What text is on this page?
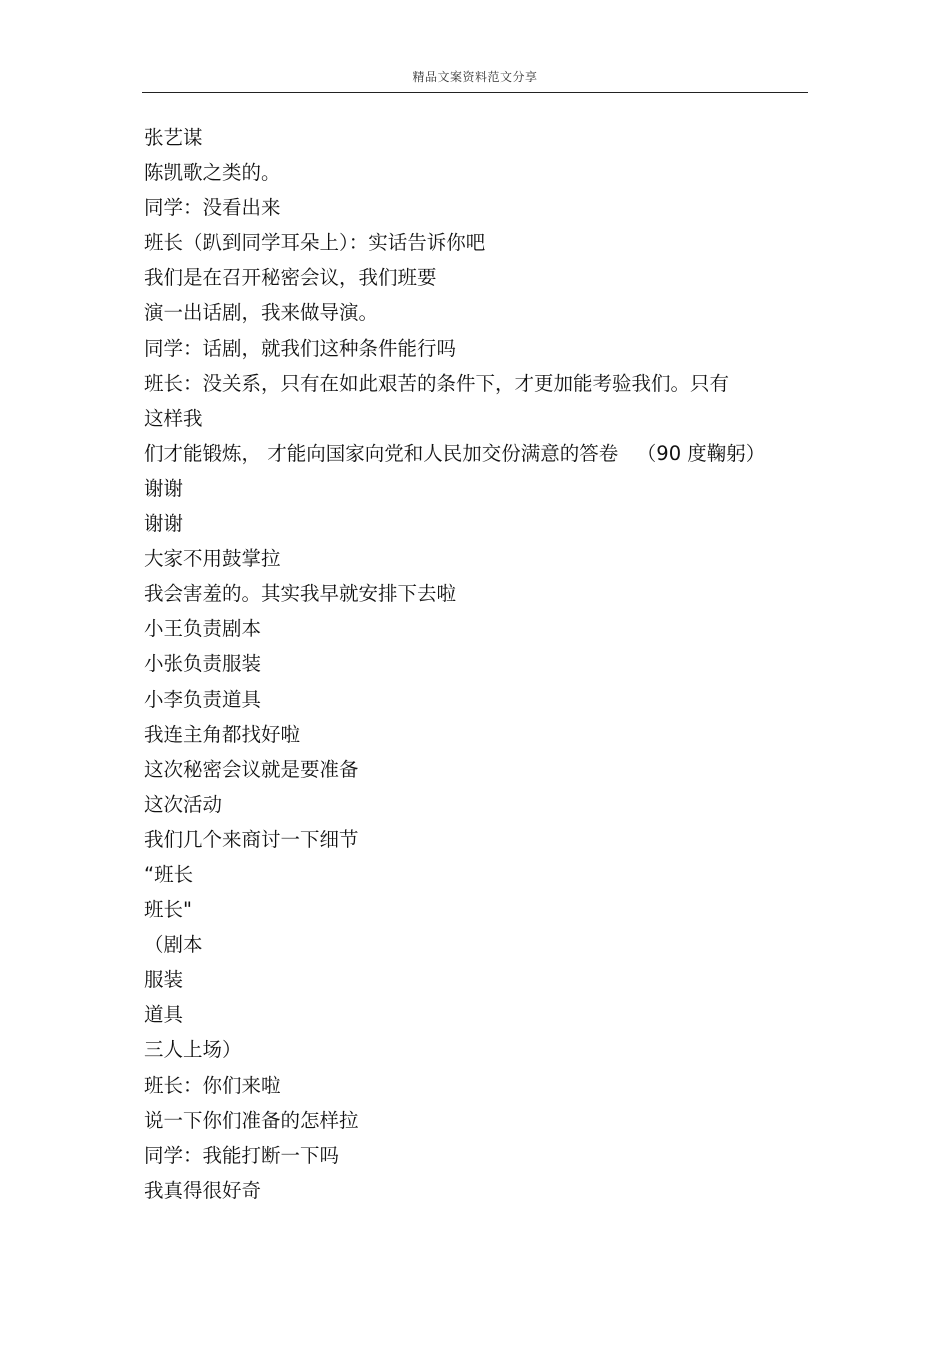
精品文案资料范文分享
张艺谋
陈凯歌之类的。
同学：没看出来
班长（趴到同学耳朵上）：实话告诉你吧
我们是在召开秘密会议，我们班要
演一出话剧，我来做导演。
同学：话剧，就我们这种条件能行吗
班长：没关系，只有在如此艰苦的条件下，才更加能考验我们。只有
这样我
们才能锻炼， 才能向国家向党和人民加交份满意的答卷   （90 度鞠躬）
谢谢
谢谢
大家不用鼓掌拉
我会害羞的。其实我早就安排下去啦
小王负责剧本
小张负责服装
小李负责道具
我连主角都找好啦
这次秘密会议就是要准备
这次活动
我们几个来商讨一下细节
“班长
班长"
（剧本
服装
道具
三人上场）
班长：你们来啦
说一下你们准备的怎样拉
同学：我能打断一下吗
我真得很好奇
